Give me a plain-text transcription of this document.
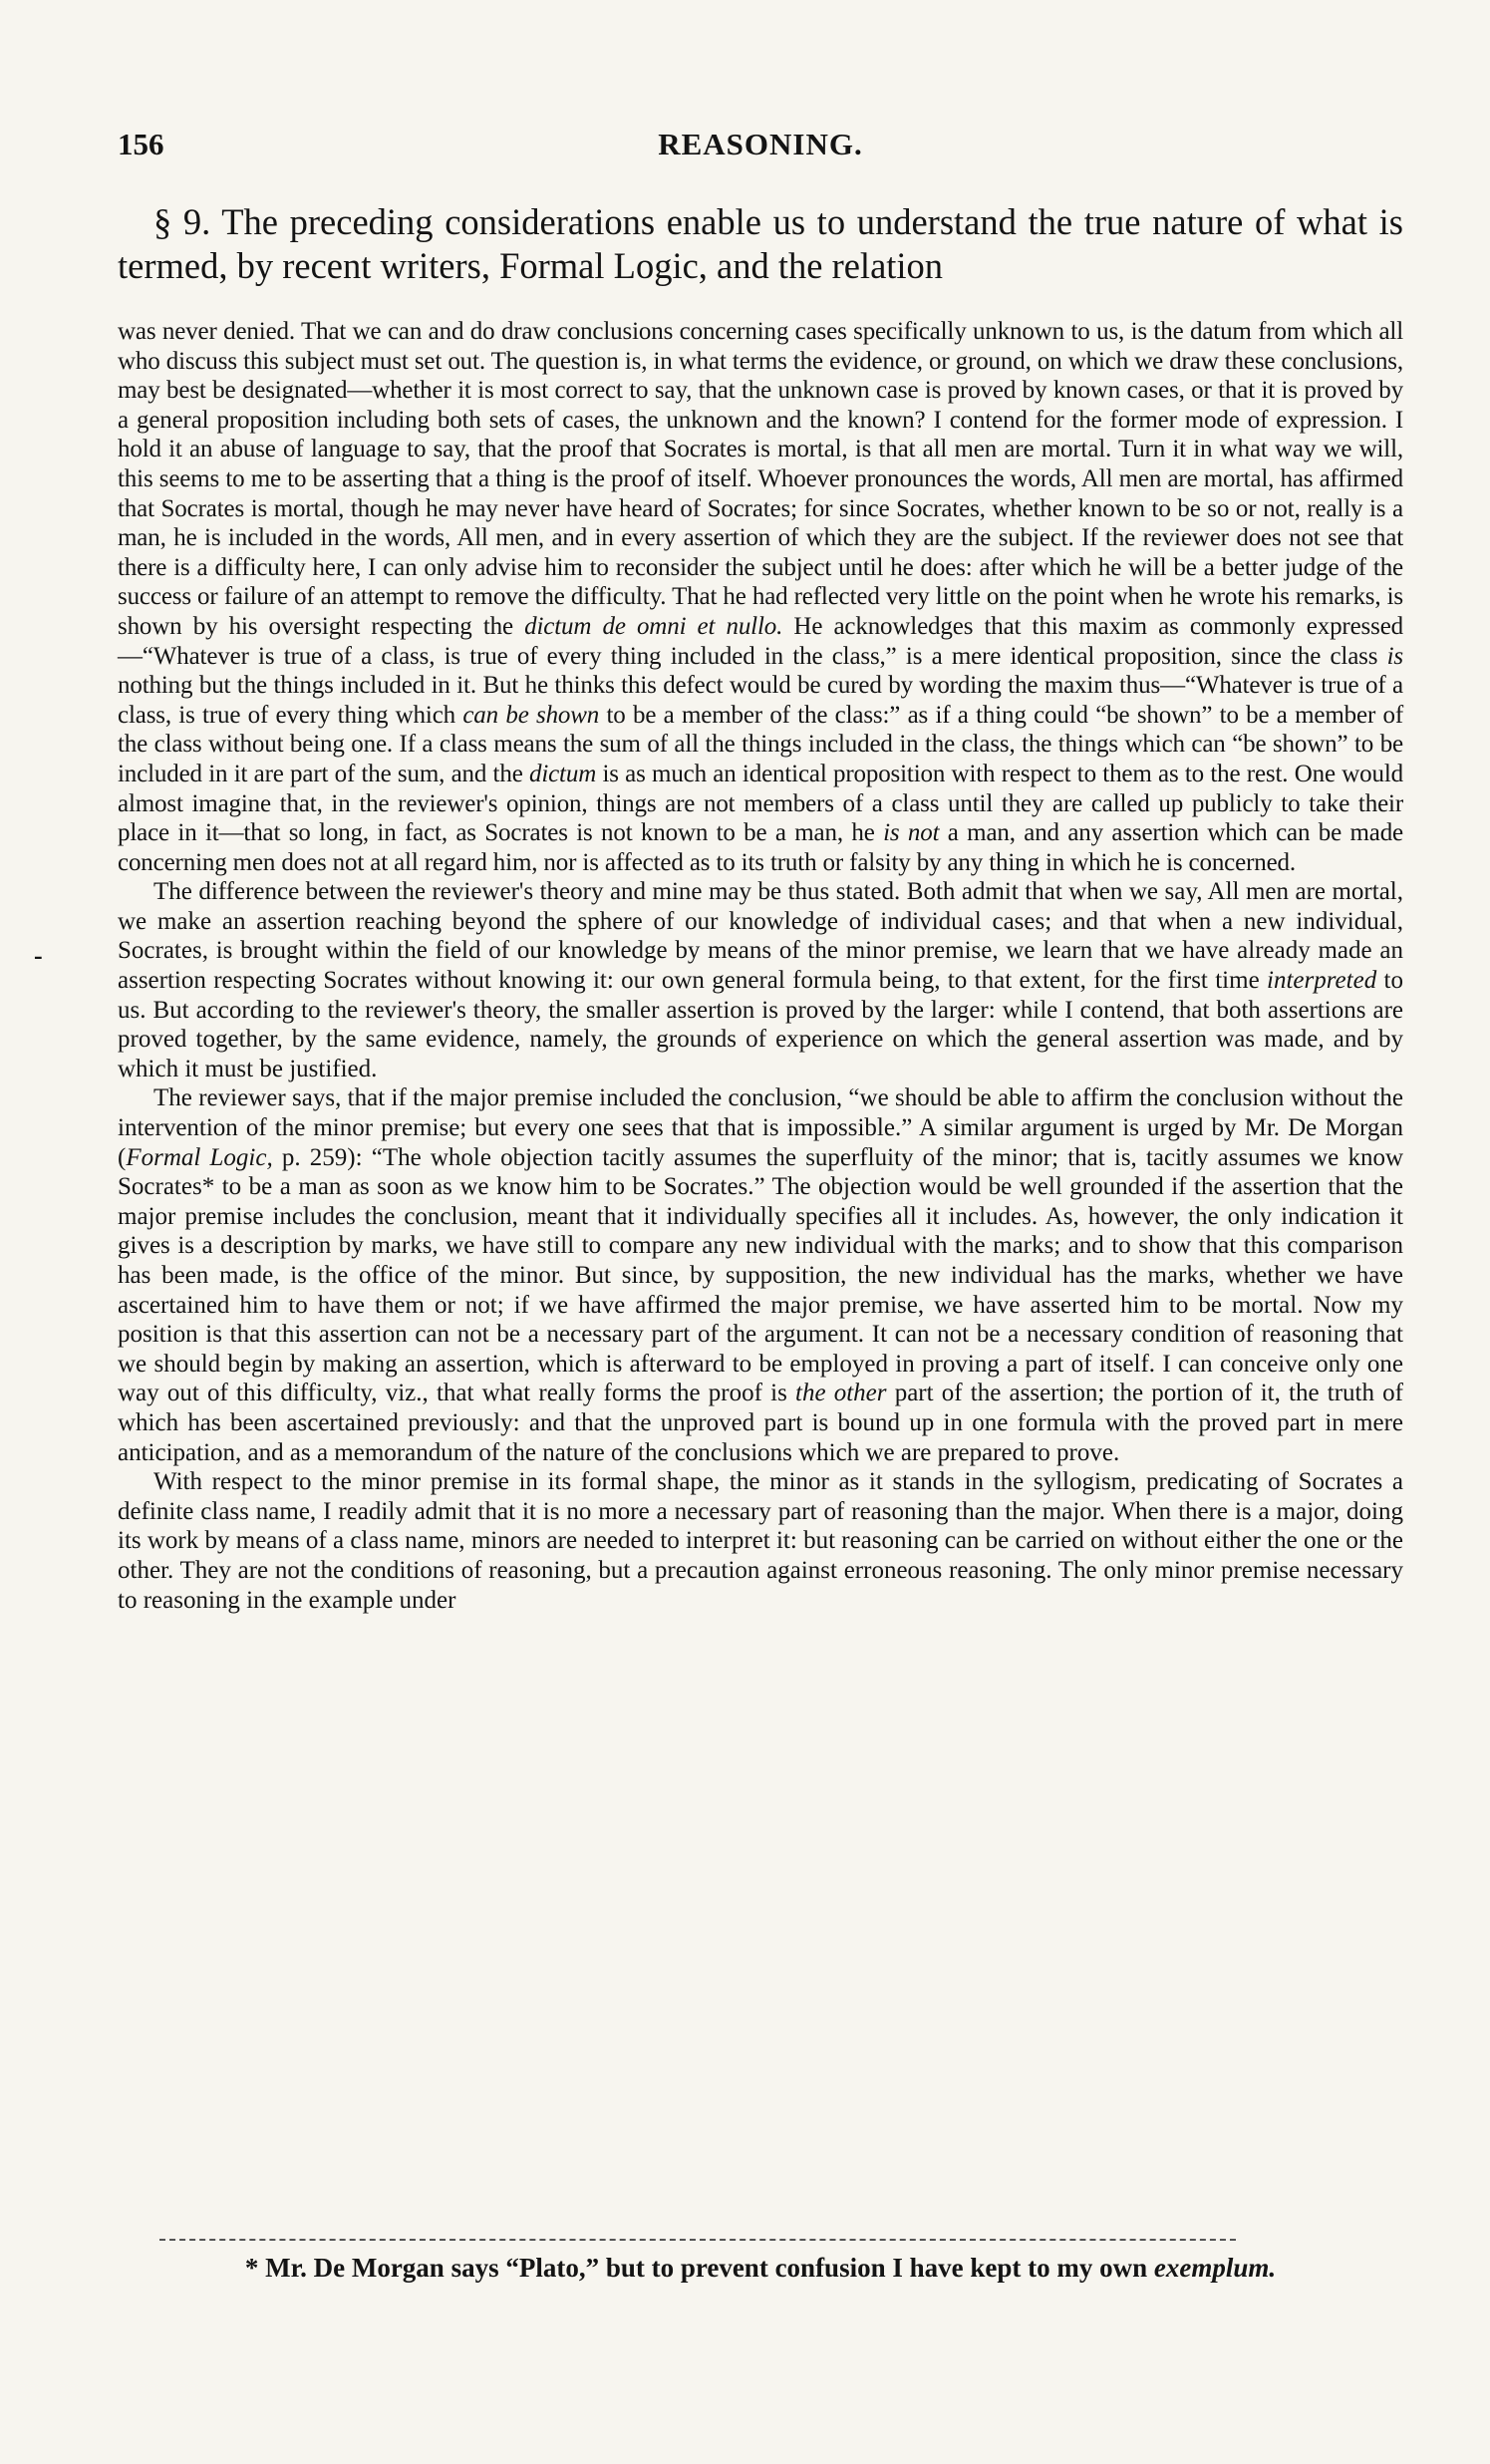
156	REASONING.

§ 9. The preceding considerations enable us to understand the true nature of what is termed, by recent writers, Formal Logic, and the relation

-

was never denied. That we can and do draw conclusions concerning cases specifically unknown to us, is the datum from which all who discuss this subject must set out. The question is, in what terms the evidence, or ground, on which we draw these conclusions, may best be designated—whether it is most correct to say, that the unknown case is proved by known cases, or that it is proved by a general proposition including both sets of cases, the unknown and the known? I contend for the former mode of expression. I hold it an abuse of language to say, that the proof that Socrates is mortal, is that all men are mortal. Turn it in what way we will, this seems to me to be asserting that a thing is the proof of itself. Whoever pronounces the words, All men are mortal, has affirmed that Socrates is mortal, though he may never have heard of Socrates; for since Socrates, whether known to be so or not, really is a man, he is included in the words, All men, and in every assertion of which they are the subject. If the reviewer does not see that there is a difficulty here, I can only advise him to reconsider the subject until he does: after which he will be a better judge of the success or failure of an attempt to remove the difficulty. That he had reflected very little on the point when he wrote his remarks, is shown by his oversight respecting the dictum de omni et nullo. He acknowledges that this maxim as commonly expressed—“Whatever is true of a class, is true of every thing included in the class,” is a mere identical proposition, since the class is nothing but the things included in it. But he thinks this defect would be cured by wording the maxim thus—“Whatever is true of a class, is true of every thing which can be shown to be a member of the class:” as if a thing could “be shown” to be a member of the class without being one. If a class means the sum of all the things included in the class, the things which can “be shown” to be included in it are part of the sum, and the dictum is as much an identical proposition with respect to them as to the rest. One would almost imagine that, in the reviewer's opinion, things are not members of a class until they are called up publicly to take their place in it—that so long, in fact, as Socrates is not known to be a man, he is not a man, and any assertion which can be made concerning men does not at all regard him, nor is affected as to its truth or falsity by any thing in which he is concerned.

The difference between the reviewer's theory and mine may be thus stated. Both admit that when we say, All men are mortal, we make an assertion reaching beyond the sphere of our knowledge of individual cases; and that when a new individual, Socrates, is brought within the field of our knowledge by means of the minor premise, we learn that we have already made an assertion respecting Socrates without knowing it: our own general formula being, to that extent, for the first time interpreted to us. But according to the reviewer's theory, the smaller assertion is proved by the larger: while I contend, that both assertions are proved together, by the same evidence, namely, the grounds of experience on which the general assertion was made, and by which it must be justified.

The reviewer says, that if the major premise included the conclusion, “we should be able to affirm the conclusion without the intervention of the minor premise; but every one sees that that is impossible.” A similar argument is urged by Mr. De Morgan (Formal Logic, p. 259): “The whole objection tacitly assumes the superfluity of the minor; that is, tacitly assumes we know Socrates* to be a man as soon as we know him to be Socrates.” The objection would be well grounded if the assertion that the major premise includes the conclusion, meant that it individually specifies all it includes. As, however, the only indication it gives is a description by marks, we have still to compare any new individual with the marks; and to show that this comparison has been made, is the office of the minor. But since, by supposition, the new individual has the marks, whether we have ascertained him to have them or not; if we have affirmed the major premise, we have asserted him to be mortal. Now my position is that this assertion can not be a necessary part of the argument. It can not be a necessary condition of reasoning that we should begin by making an assertion, which is afterward to be employed in proving a part of itself. I can conceive only one way out of this difficulty, viz., that what really forms the proof is the other part of the assertion; the portion of it, the truth of which has been ascertained previously: and that the unproved part is bound up in one formula with the proved part in mere anticipation, and as a memorandum of the nature of the conclusions which we are prepared to prove.

With respect to the minor premise in its formal shape, the minor as it stands in the syllogism, predicating of Socrates a definite class name, I readily admit that it is no more a necessary part of reasoning than the major. When there is a major, doing its work by means of a class name, minors are needed to interpret it: but reasoning can be carried on without either the one or the other. They are not the conditions of reasoning, but a precaution against erroneous reasoning. The only minor premise necessary to reasoning in the example under

* Mr. De Morgan says “Plato,” but to prevent confusion I have kept to my own exemplum.
